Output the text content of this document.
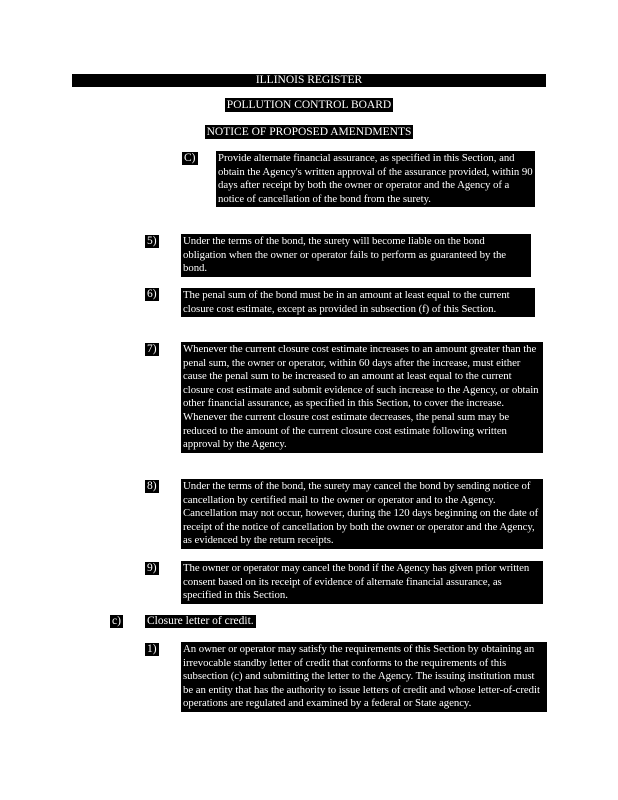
ILLINOIS REGISTER
POLLUTION CONTROL BOARD
NOTICE OF PROPOSED AMENDMENTS
C) Provide alternate financial assurance, as specified in this Section, and obtain the Agency's written approval of the assurance provided, within 90 days after receipt by both the owner or operator and the Agency of a notice of cancellation of the bond from the surety.
5) Under the terms of the bond, the surety will become liable on the bond obligation when the owner or operator fails to perform as guaranteed by the bond.
6) The penal sum of the bond must be in an amount at least equal to the current closure cost estimate, except as provided in subsection (f) of this Section.
7) Whenever the current closure cost estimate increases to an amount greater than the penal sum, the owner or operator, within 60 days after the increase, must either cause the penal sum to be increased to an amount at least equal to the current closure cost estimate and submit evidence of such increase to the Agency, or obtain other financial assurance, as specified in this Section, to cover the increase. Whenever the current closure cost estimate decreases, the penal sum may be reduced to the amount of the current closure cost estimate following written approval by the Agency.
8) Under the terms of the bond, the surety may cancel the bond by sending notice of cancellation by certified mail to the owner or operator and to the Agency. Cancellation may not occur, however, during the 120 days beginning on the date of receipt of the notice of cancellation by both the owner or operator and the Agency, as evidenced by the return receipts.
9) The owner or operator may cancel the bond if the Agency has given prior written consent based on its receipt of evidence of alternate financial assurance, as specified in this Section.
c) Closure letter of credit.
1) An owner or operator may satisfy the requirements of this Section by obtaining an irrevocable standby letter of credit that conforms to the requirements of this subsection (c) and submitting the letter to the Agency. The issuing institution must be an entity that has the authority to issue letters of credit and whose letter-of-credit operations are regulated and examined by a federal or State agency.
